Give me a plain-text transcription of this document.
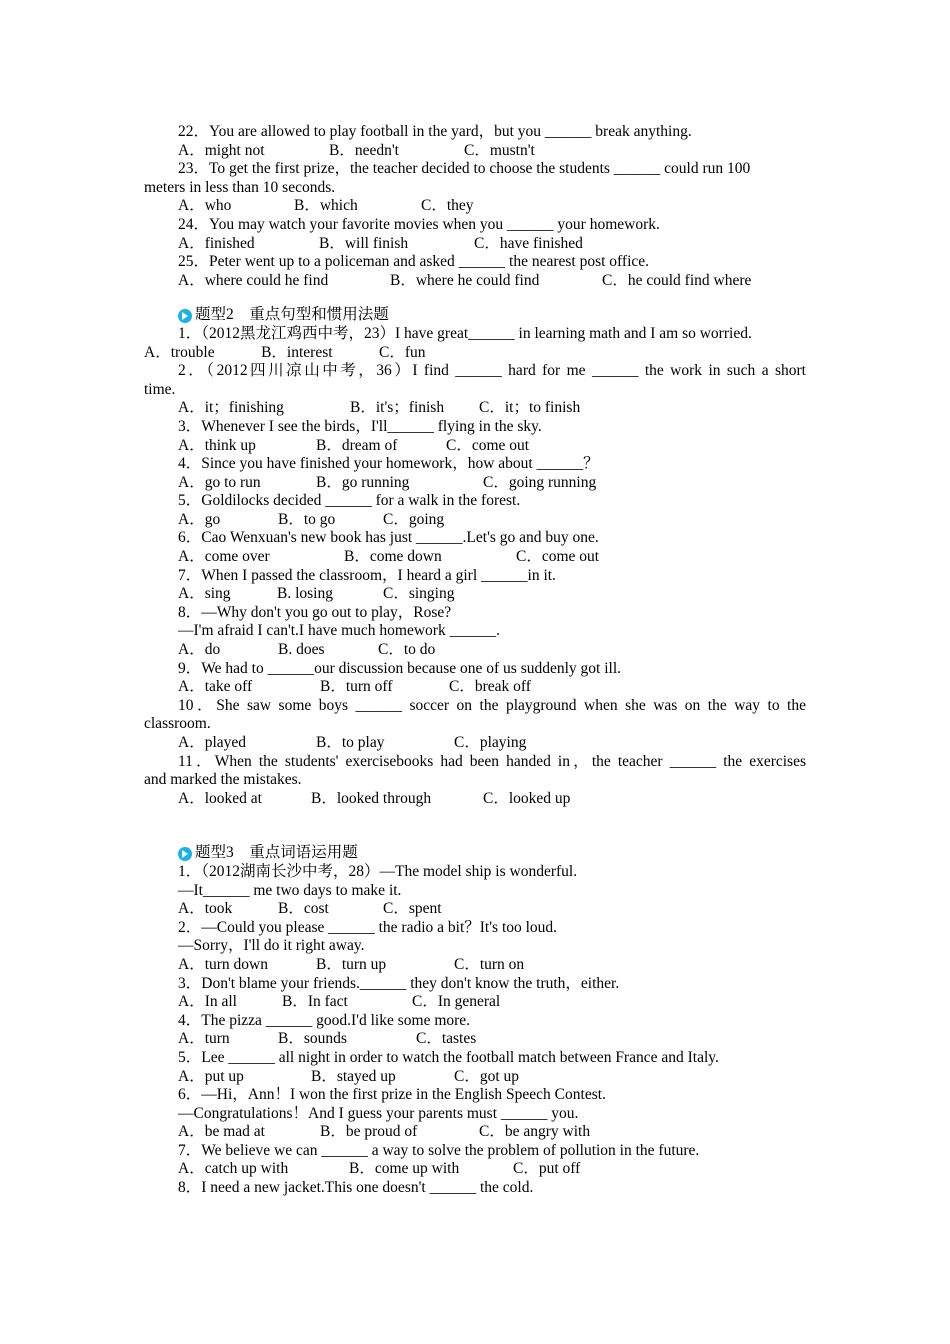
22．You are allowed to play football in the yard，but you ______ break anything.
A．might not	B．needn't	C．mustn't
23．To get the first prize，the teacher decided to choose the students ______ could run 100
meters in less than 10 seconds.
A．who	B．which	C．they
24．You may watch your favorite movies when you ______ your homework.
A．finished	B．will finish	C．have finished
25．Peter went up to a policeman and asked ______ the nearest post office.
A．where could he find	B．where he could find	C．he could find where
题型2　重点句型和惯用法题
1．（2012黑龙江鸡西中考，23）I have great______ in learning math and I am so worried.
A．trouble　　　B．interest　　　C．fun
2．（2012四川凉山中考，36）I find ______ hard for me ______ the work in such a short
time.
A．it；finishing	B．it's；finish C．it；to finish
3．Whenever I see the birds，I'll______ flying in the sky.
A．think up	B．dream of	C．come out
4．Since you have finished your homework，how about ______？
A．go to run	B．go running	C．going running
5．Goldilocks decided ______ for a walk in the forest.
A．go	B．to go	C．going
6．Cao Wenxuan's new book has just ______.Let's go and buy one.
A．come over	B．come down	C．come out
7．When I passed the classroom，I heard a girl ______in it.
A．sing	B. losing	C．singing
8．—Why don't you go out to play，Rose?
—I'm afraid I can't.I have much homework ______.
A．do	B. does	C．to do
9．We had to ______our discussion because one of us suddenly got ill.
A．take off	B．turn off	C．break off
10．She saw some boys ______ soccer on the playground when she was on the way to the
classroom.
A．played	B．to play	C．playing
11．When the students' exercisebooks had been handed in，the teacher ______ the exercises
and marked the mistakes.
A．looked at	B．looked through	C．looked up
题型3　重点词语运用题
1．（2012湖南长沙中考，28）—The model ship is wonderful.
—It______ me two days to make it.
A．took	B．cost	C．spent
2．—Could you please ______ the radio a bit？It's too loud.
—Sorry，I'll do it right away.
A．turn down	B．turn up	C．turn on
3．Don't blame your friends.______ they don't know the truth，either.
A．In all	B．In fact	C．In general
4．The pizza ______ good.I'd like some more.
A．turn	B．sounds	C．tastes
5．Lee ______ all night in order to watch the football match between France and Italy.
A．put up	B．stayed up	C．got up
6．—Hi，Ann！I won the first prize in the English Speech Contest.
—Congratulations！And I guess your parents must ______ you.
A．be mad at	B．be proud of	C．be angry with
7．We believe we can ______ a way to solve the problem of pollution in the future.
A．catch up with	B．come up with	C．put off
8．I need a new jacket.This one doesn't ______ the cold.
